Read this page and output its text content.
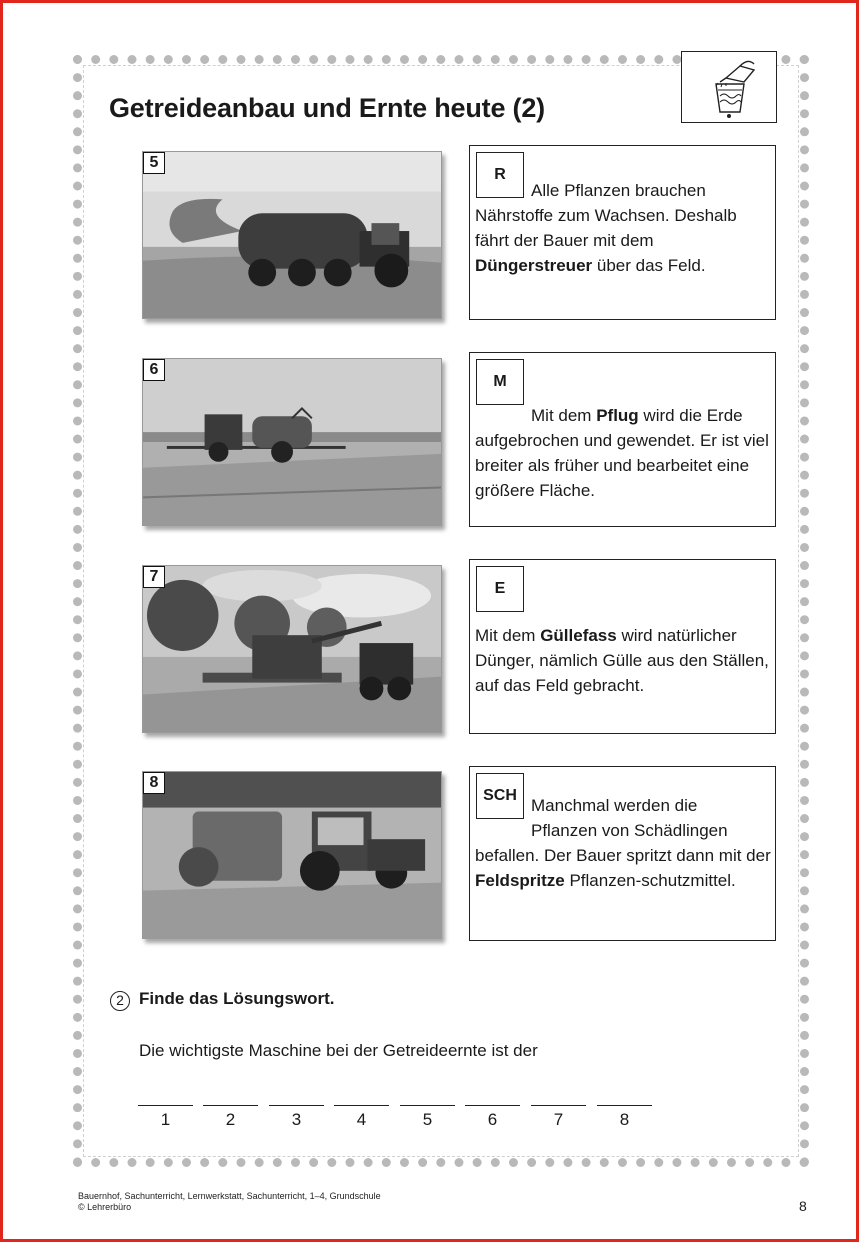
Getreideanbau und Ernte heute (2)
5
6
7
8
R

Alle Pflanzen brauchen
Nährstoffe zum Wachsen. Deshalb fährt der Bauer mit dem Düngerstreuer über das Feld.

M

Mit dem Pflug wird die Erde aufgebrochen und gewendet. Er ist viel breiter als früher und bearbeitet eine größere Fläche.

E

Mit dem Güllefass wird natürlicher Dünger, nämlich Gülle aus den Ställen, auf das Feld gebracht.

SCH

Manchmal werden die
Pflanzen von Schädlingen
befallen. Der Bauer spritzt dann mit der Feldspritze Pflanzen-schutzmittel.

2 Finde das Lösungswort.
Die wichtigste Maschine bei der Getreideernte ist der
1	2	3	4	5	6	7	8
Bauernhof, Sachunterricht, Lernwerkstatt, Sachunterricht, 1–4, Grundschule
© Lehrerbüro	8
